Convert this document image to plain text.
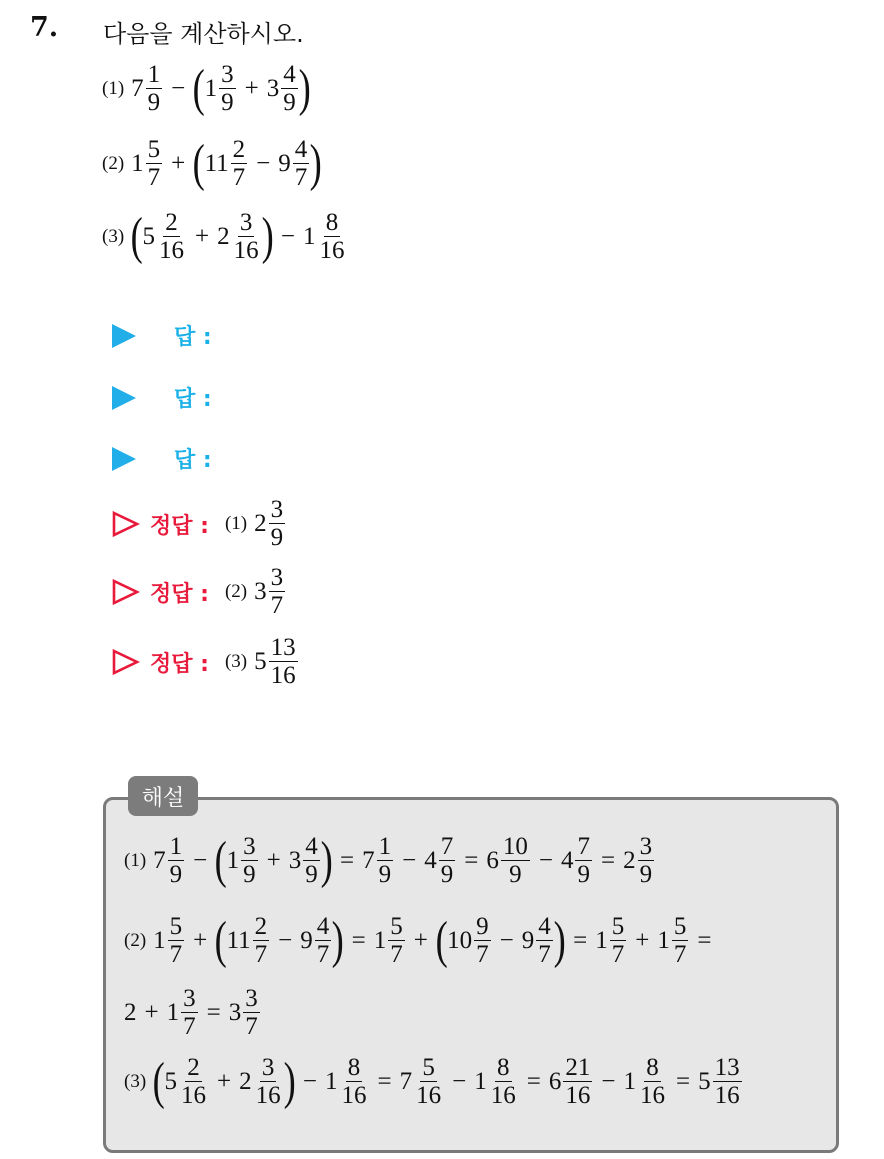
7. 다음을 계산하시오.
(1) $7 \frac{1}{9}$ − ( $1 \frac{3}{9} + 3 \frac{4}{9}$ )
(2) $1 \frac{5}{7}$ + ( $11 \frac{2}{7} - 9 \frac{4}{7}$ )
(3) ( $5 \frac{2}{16} + 2 \frac{3}{16}$ ) − $1 \frac{8}{16}$
답 :
답 :
답 :
정답 : (1) $2 \frac{3}{9}$
정답 : (2) $3 \frac{3}{7}$
정답 : (3) $5 \frac{13}{16}$
해설
(1) $7 \frac{1}{9}$ − ( $1 \frac{3}{9} + 3 \frac{4}{9}$ ) = $7 \frac{1}{9} - 4 \frac{7}{9} = 6 \frac{10}{9} - 4 \frac{7}{9} = 2 \frac{3}{9}$
(2) $1 \frac{5}{7}$ + ( $11 \frac{2}{7} - 9 \frac{4}{7}$ ) = $1 \frac{5}{7}$ + ( $10 \frac{9}{7} - 9 \frac{4}{7}$ ) = $1 \frac{5}{7} + 1 \frac{5}{7}$ =
$2 + 1 \frac{3}{7} = 3 \frac{3}{7}$
(3) ( $5 \frac{2}{16} + 2 \frac{3}{16}$ ) − $1 \frac{8}{16} = 7 \frac{5}{16} - 1 \frac{8}{16} = 6 \frac{21}{16} - 1 \frac{8}{16} = 5 \frac{13}{16}$
